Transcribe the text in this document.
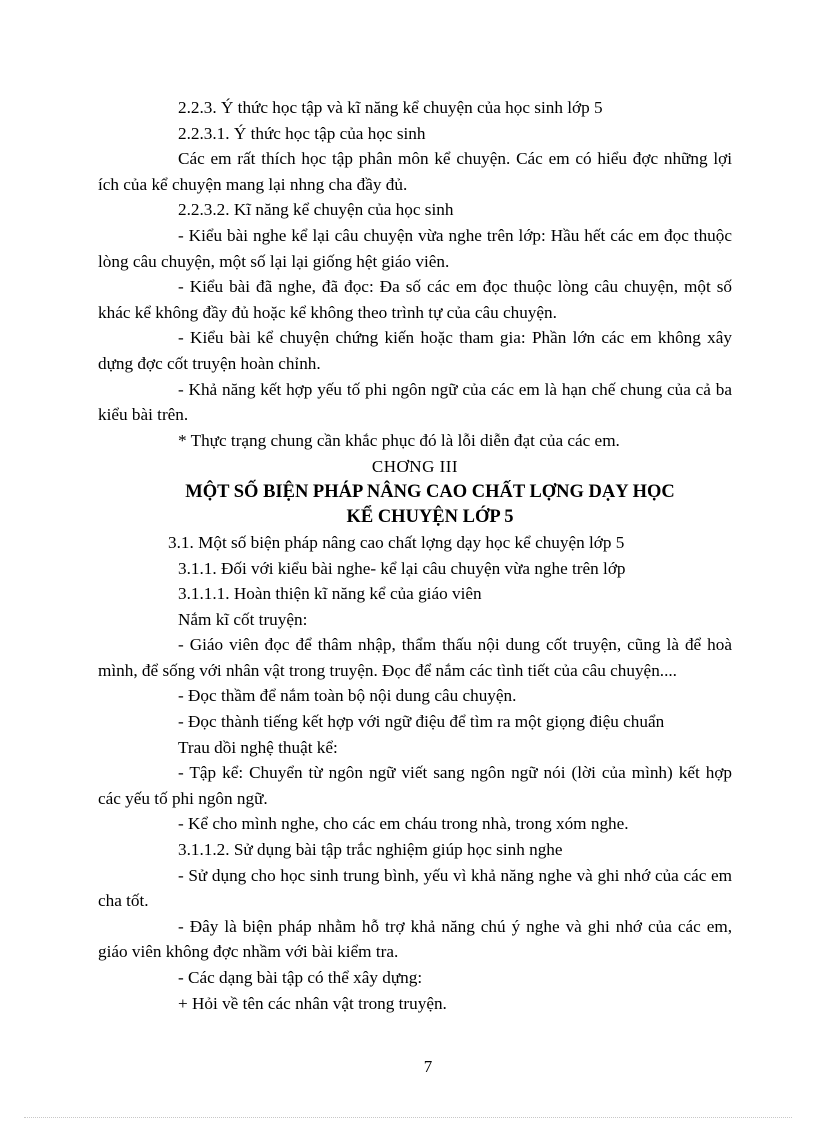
2.2.3. Ý thức học tập và kĩ năng kể chuyện của học sinh lớp 5

2.2.3.1. Ý thức học tập của học sinh

Các em rất thích học tập phân môn kể chuyện. Các em có hiểu đợc những lợi ích của kể chuyện mang lại nhng cha đầy đủ.

2.2.3.2. Kĩ năng kể chuyện của học sinh

- Kiểu bài nghe kể lại câu chuyện vừa nghe trên lớp: Hầu hết các em đọc thuộc lòng câu chuyện, một số lại lại giống hệt giáo viên.

- Kiểu bài đã nghe, đã đọc: Đa số các em đọc thuộc lòng câu chuyện, một số khác kể không đầy đủ hoặc kể không theo trình tự của câu chuyện.

- Kiểu bài kể chuyện chứng kiến hoặc tham gia: Phần lớn các em không xây dựng đợc cốt truyện hoàn chỉnh.

- Khả năng kết hợp yếu tố phi ngôn ngữ của các em là hạn chế chung của cả ba kiểu bài trên.

* Thực trạng chung cần khắc phục đó là lỗi diễn đạt của các em.

CHƠNG III

MỘT SỐ BIỆN PHÁP NÂNG CAO CHẤT LỢNG DẠY HỌC

KỂ CHUYỆN LỚP 5

3.1. Một số biện pháp nâng cao chất lợng dạy học kể chuyện lớp 5

3.1.1. Đối với kiểu bài nghe- kể lại câu chuyện vừa nghe trên lớp

3.1.1.1. Hoàn thiện kĩ năng kể của giáo viên

Nắm kĩ cốt truyện:

- Giáo viên đọc để thâm nhập, thẩm thấu nội dung cốt truyện, cũng là để hoà mình, để sống với nhân vật trong truyện. Đọc để nắm các tình tiết của câu chuyện....

- Đọc thầm để nắm toàn bộ nội dung câu chuyện.

- Đọc thành tiếng kết hợp với ngữ điệu để tìm ra một giọng điệu chuẩn

Trau dồi nghệ thuật kể:

- Tập kể: Chuyển từ ngôn ngữ viết sang ngôn ngữ nói (lời của mình) kết hợp các yếu tố phi ngôn ngữ.

- Kể cho mình nghe, cho các em cháu trong nhà, trong xóm nghe.

3.1.1.2. Sử dụng bài tập trắc nghiệm giúp học sinh nghe

- Sử dụng cho học sinh trung bình, yếu vì khả năng nghe và ghi nhớ của các em cha tốt.

- Đây là biện pháp nhằm hỗ trợ khả năng chú ý nghe và ghi nhớ của các em, giáo viên không đợc nhầm với bài kiểm tra.

- Các dạng bài tập có thể xây dựng:

+ Hỏi về tên các nhân vật trong truyện.

7
